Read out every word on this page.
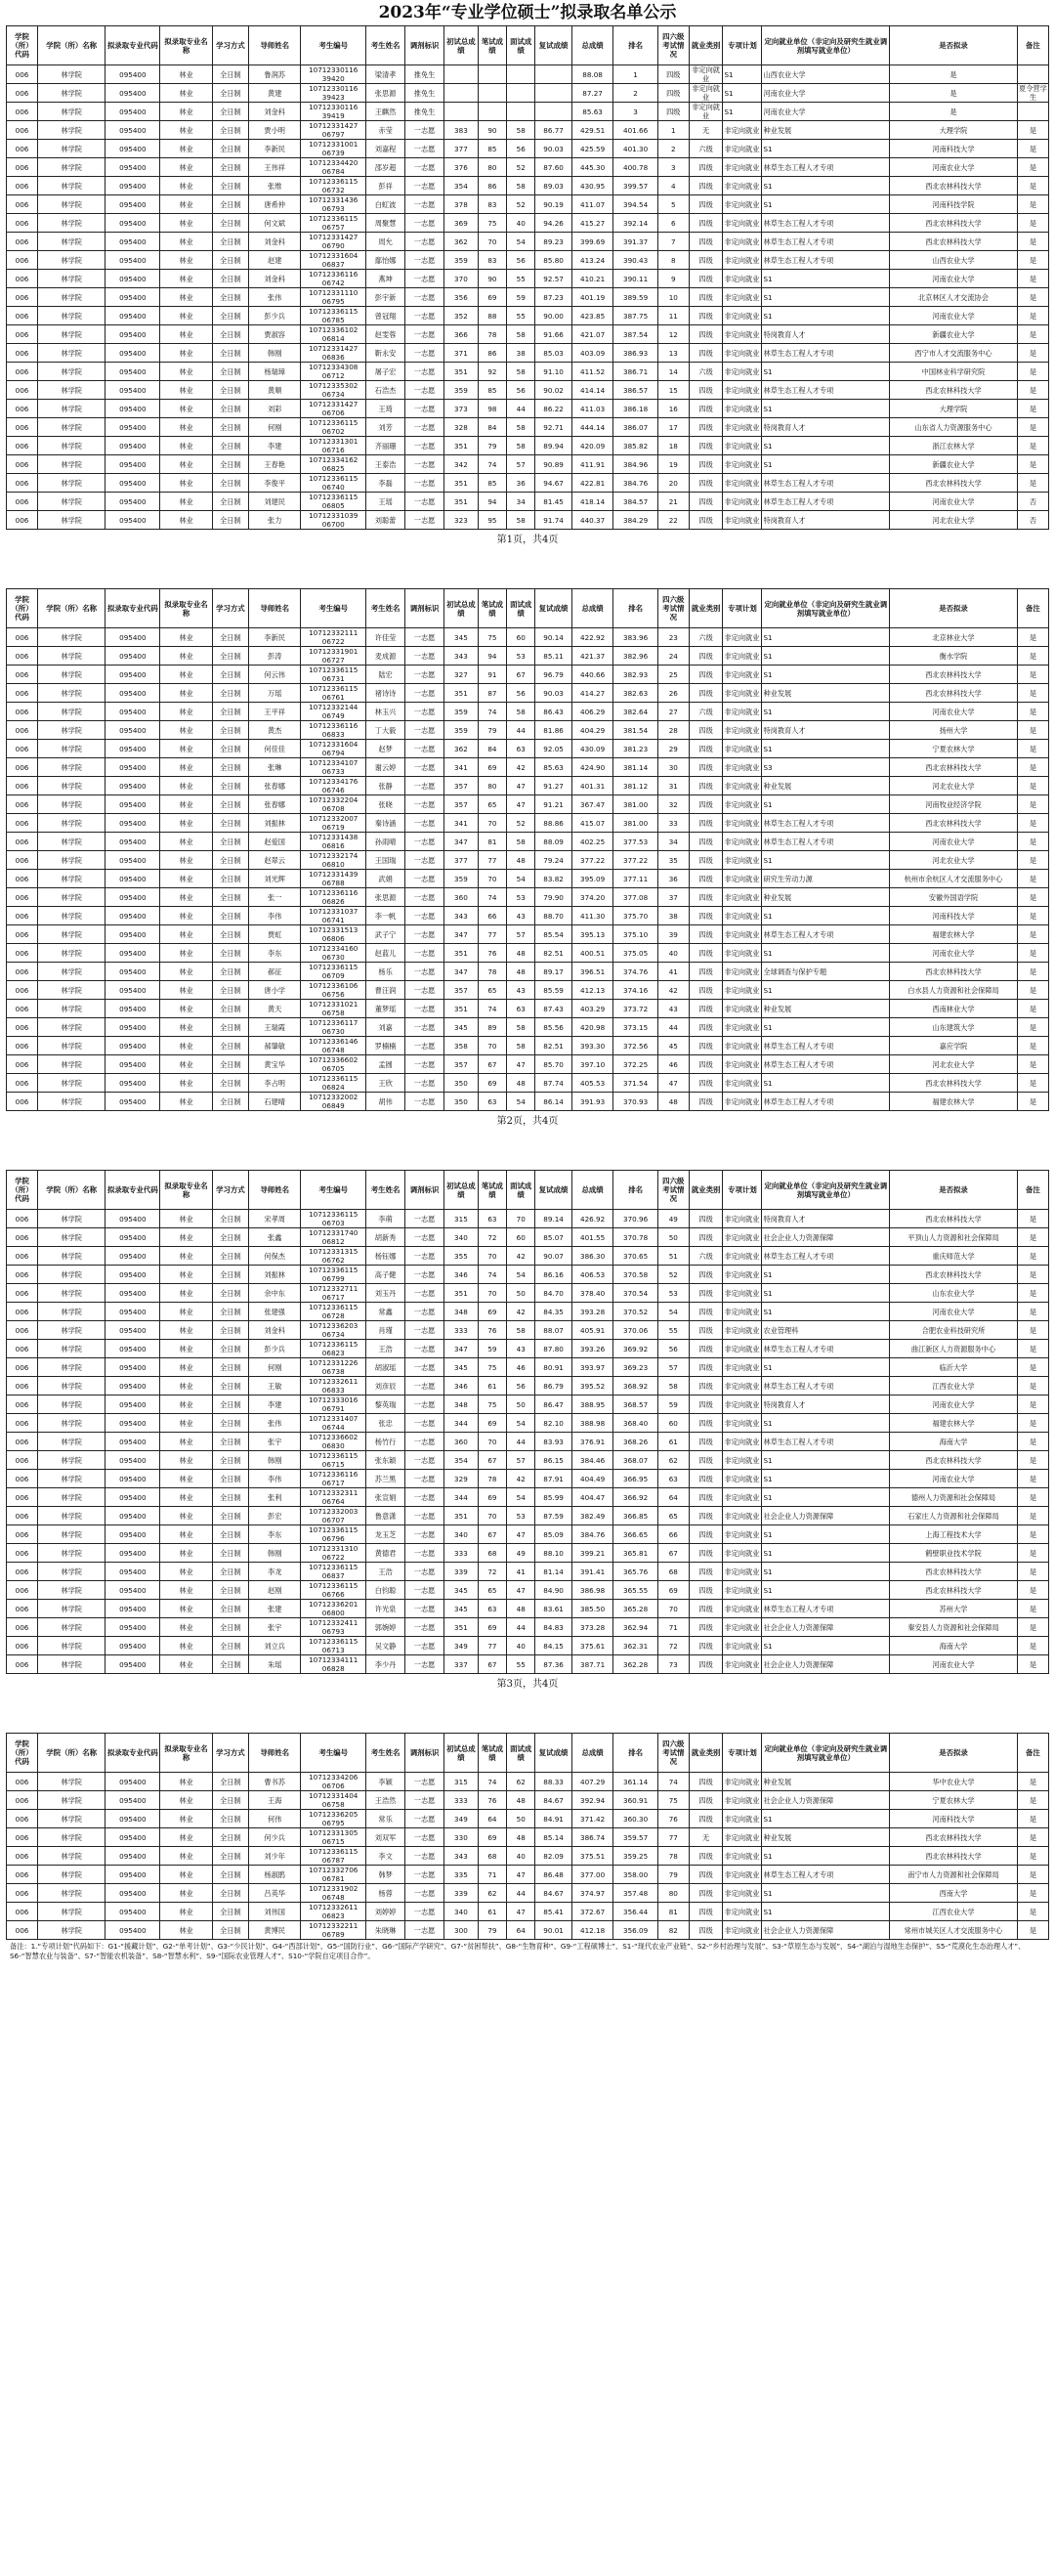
2023年“专业学位硕士”拟录取名单公示
学院（所）代码	学院（所）名称	拟录取专业代码	拟录取专业名称	学习方式	导师姓名	考生编号	考生姓名	调剂标识	初试总成绩	笔试成绩	面试成绩	复试成绩	总成绩	排名	四六级考试情况	就业类别	专项计划	定向就业单位（非定向及研究生就业调剂填写就业单位）	是否拟录	备注
006	林学院	095400	林业	全日制	鲁润苏	10712330116 39420	梁清孝	推免生					88.08	1	四级	非定向就业	S1	山西农业大学	是	
006	林学院	095400	林业	全日制	黄建	10712330116 39423	张思源	推免生					87.27	2	四级	非定向就业	S1	河南农业大学	是	夏令营学生
006	林学院	095400	林业	全日制	刘金科	10712330116 39419	王麒然	推免生					85.63	3	四级	非定向就业	S1	河南农业大学	是	
006	林学院	095400	林业	全日制	贾小明	10712331427 06797	赤莹	一志愿	383	90	58	86.77	429.51	401.66	1	无	非定向就业	种业发展	大理学院	是
006	林学院	095400	林业	全日制	李新民	10712331001 06739	刘嘉程	一志愿	377	85	56	90.03	425.59	401.30	2	六级	非定向就业	S1	河南科技大学	是
006	林学院	095400	林业	全日制	王伟祥	10712334420 06784	邵岁超	一志愿	376	80	52	87.60	445.30	400.78	3	四级	非定向就业	林草生态工程人才专项	河南农业大学	是
006	林学院	095400	林业	全日制	张维	10712336115 06732	彭祥	一志愿	354	86	58	89.03	430.95	399.57	4	四级	非定向就业	S1	西北农林科技大学	是
006	林学院	095400	林业	全日制	唐希仲	10712331436 06793	白虹波	一志愿	378	83	52	90.19	411.07	394.54	5	四级	非定向就业	S1	河南科技学院	是
006	林学院	095400	林业	全日制	何文斌	10712336115 06757	周聚慧	一志愿	369	75	40	94.26	415.27	392.14	6	四级	非定向就业	林草生态工程人才专项	西北农林科技大学	是
006	林学院	095400	林业	全日制	刘金科	10712331427 06790	周允	一志愿	362	70	54	89.23	399.69	391.37	7	四级	非定向就业	林草生态工程人才专项	西北农林科技大学	是
006	林学院	095400	林业	全日制	赵建	10712331604 06837	鄢怡娜	一志愿	359	83	56	85.80	413.24	390.43	8	四级	非定向就业	林草生态工程人才专项	山西农业大学	是
006	林学院	095400	林业	全日制	刘金科	10712336116 06742	燕坤	一志愿	370	90	55	92.57	410.21	390.11	9	四级	非定向就业	S1	河南农业大学	是
006	林学院	095400	林业	全日制	张伟	10712331110 06795	彭宇新	一志愿	356	69	59	87.23	401.19	389.59	10	四级	非定向就业	S1	北京林区人才交流协会	是
006	林学院	095400	林业	全日制	彭少兵	10712336115 06785	曾冠翔	一志愿	352	88	55	90.00	423.85	387.75	11	四级	非定向就业	S1	河南农业大学	是
006	林学院	095400	林业	全日制	贾淑容	10712336102 06814	赵雯蓉	一志愿	366	78	58	91.66	421.07	387.54	12	四级	非定向就业	特岗教育人才	新疆农业大学	是
006	林学院	095400	林业	全日制	韩刚	10712331427 06836	靳永安	一志愿	371	86	38	85.03	403.09	386.93	13	四级	非定向就业	林草生态工程人才专项	西宁市人才交流服务中心	是
006	林学院	095400	林业	全日制	杨瑞璋	10712334308 06712	屠子宏	一志愿	351	92	58	91.10	411.52	386.71	14	六级	非定向就业	S1	中国林业科学研究院	是
006	林学院	095400	林业	全日制	黄顺	10712335302 06734	石浩杰	一志愿	359	85	56	90.02	414.14	386.57	15	四级	非定向就业	林草生态工程人才专项	西北农林科技大学	是
006	林学院	095400	林业	全日制	刘彩	10712331427 06706	王琦	一志愿	373	98	44	86.22	411.03	386.18	16	四级	非定向就业	S1	大理学院	是
006	林学院	095400	林业	全日制	何刚	10712336115 06702	刘芳	一志愿	328	84	58	92.71	444.14	386.07	17	四级	非定向就业	特岗教育人才	山东省人力资源服务中心	是
006	林学院	095400	林业	全日制	李建	10712331301 06716	齐丽珊	一志愿	351	79	58	89.94	420.09	385.82	18	四级	非定向就业	S1	浙江农林大学	是
006	林学院	095400	林业	全日制	王春艳	10712334162 06825	王泰浩	一志愿	342	74	57	90.89	411.91	384.96	19	四级	非定向就业	S1	新疆农业大学	是
006	林学院	095400	林业	全日制	李俊平	10712336115 06740	李磊	一志愿	351	85	36	94.67	422.81	384.76	20	四级	非定向就业	林草生态工程人才专项	西北农林科技大学	是
006	林学院	095400	林业	全日制	刘建民	10712336115 06805	王瑶	一志愿	351	94	34	81.45	418.14	384.57	21	四级	非定向就业	林草生态工程人才专项	河南农业大学	否
006	林学院	095400	林业	全日制	张力	10712331039 06700	刘聪蕾	一志愿	323	95	58	91.74	440.37	384.29	22	四级	非定向就业	特岗教育人才	河北农业大学	否
第1页，共4页
学院（所）代码	学院（所）名称	拟录取专业代码	拟录取专业名称	学习方式	导师姓名	考生编号	考生姓名	调剂标识	初试总成绩	笔试成绩	面试成绩	复试成绩	总成绩	排名	四六级考试情况	就业类别	专项计划	定向就业单位（非定向及研究生就业调剂填写就业单位）	是否拟录	备注
006	林学院	095400	林业	全日制	李新民	10712332111 06722	许佳莹	一志愿	345	75	60	90.14	422.92	383.96	23	六级	非定向就业	S1	北京林业大学	是
006	林学院	095400	林业	全日制	彭涛	10712331901 06727	麦成源	一志愿	343	94	53	85.11	421.37	382.96	24	四级	非定向就业	S1	衡水学院	是
006	林学院	095400	林业	全日制	何云伟	10712336115 06731	陆宏	一志愿	327	91	67	96.79	440.66	382.93	25	四级	非定向就业	S1	西北农林科技大学	是
006	林学院	095400	林业	全日制	万瑶	10712336115 06761	褚诗诗	一志愿	351	87	56	90.03	414.27	382.63	26	四级	非定向就业	种业发展	西北农林科技大学	是
006	林学院	095400	林业	全日制	王平祥	10712332144 06749	林玉兴	一志愿	359	74	58	86.43	406.29	382.64	27	六级	非定向就业	S1	河南农业大学	是
006	林学院	095400	林业	全日制	黄杰	10712336116 06833	丁大毅	一志愿	359	79	44	81.86	404.29	381.54	28	四级	非定向就业	特岗教育人才	扬州大学	是
006	林学院	095400	林业	全日制	何佳佳	10712331604 06794	赵梦	一志愿	362	84	63	92.05	430.09	381.23	29	四级	非定向就业	S1	宁夏农林大学	是
006	林学院	095400	林业	全日制	张琳	10712334107 06733	谢云婷	一志愿	341	69	42	85.63	424.90	381.14	30	四级	非定向就业	S3	西北农林科技大学	是
006	林学院	095400	林业	全日制	张春娜	10712334176 06746	张静	一志愿	357	80	47	91.27	401.31	381.12	31	四级	非定向就业	种业发展	河北农业大学	是
006	林学院	095400	林业	全日制	张春娜	10712332204 06708	张晓	一志愿	357	65	47	91.21	367.47	381.00	32	四级	非定向就业	S1	河南牧业经济学院	是
006	林学院	095400	林业	全日制	刘振林	10712332007 06719	秦诗涵	一志愿	341	70	52	88.86	415.07	381.00	33	四级	非定向就业	林草生态工程人才专项	西北农林科技大学	是
006	林学院	095400	林业	全日制	赵爱国	10712331438 06816	孙雨晴	一志愿	347	81	58	88.09	402.25	377.53	34	四级	非定向就业	林草生态工程人才专项	河南农业大学	是
006	林学院	095400	林业	全日制	赵翠云	10712332174 06810	王国瑞	一志愿	377	77	48	79.24	377.22	377.22	35	四级	非定向就业	S1	河北农业大学	是
006	林学院	095400	林业	全日制	刘光辉	10712331439 06788	武娟	一志愿	359	70	54	83.82	395.09	377.11	36	四级	非定向就业	研究生劳动力源	杭州市余杭区人才交流服务中心	是
006	林学院	095400	林业	全日制	张一	10712336116 06826	张思源	一志愿	360	74	53	79.90	374.20	377.08	37	四级	非定向就业	种业发展	安徽外国语学院	是
006	林学院	095400	林业	全日制	李伟	10712331037 06741	李一帆	一志愿	343	66	43	88.70	411.30	375.70	38	四级	非定向就业	S1	河南科技大学	是
006	林学院	095400	林业	全日制	贾虹	10712331513 06806	武子宁	一志愿	347	77	57	85.54	395.13	375.10	39	四级	非定向就业	林草生态工程人才专项	福建农林大学	是
006	林学院	095400	林业	全日制	李东	10712334160 06730	赵蓝儿	一志愿	351	76	48	82.51	400.51	375.05	40	四级	非定向就业	S1	河南农业大学	是
006	林学院	095400	林业	全日制	郝征	10712336115 06709	杨乐	一志愿	347	78	48	89.17	396.51	374.76	41	四级	非定向就业	全球调查与保护专题	西北农林科技大学	是
006	林学院	095400	林业	全日制	唐小学	10712336106 06756	曹汪润	一志愿	357	65	43	85.59	412.13	374.16	42	四级	非定向就业	S1	白水县人力资源和社会保障局	是
006	林学院	095400	林业	全日制	黄天	10712331021 06758	董梦瑶	一志愿	351	74	63	87.43	403.29	373.72	43	四级	非定向就业	种业发展	西南林业大学	是
006	林学院	095400	林业	全日制	王瑞霞	10712336117 06730	刘嘉	一志愿	345	89	58	85.56	420.98	373.15	44	四级	非定向就业	S1	山东建筑大学	是
006	林学院	095400	林业	全日制	郝肇敏	10712336146 06748	罗楠楠	一志愿	358	70	58	82.51	393.30	372.56	45	四级	非定向就业	林草生态工程人才专项	嘉应学院	是
006	林学院	095400	林业	全日制	黄宝华	10712336602 06705	孟圆	一志愿	357	67	47	85.70	397.10	372.25	46	四级	非定向就业	林草生态工程人才专项	河北农业大学	是
006	林学院	095400	林业	全日制	李占明	10712336115 06824	王欣	一志愿	350	69	48	87.74	405.53	371.54	47	四级	非定向就业	S1	西北农林科技大学	是
006	林学院	095400	林业	全日制	石建晴	10712332002 06849	胡伟	一志愿	350	63	54	86.14	391.93	370.93	48	四级	非定向就业	林草生态工程人才专项	福建农林大学	是
第2页，共4页
学院（所）代码	学院（所）名称	拟录取专业代码	拟录取专业名称	学习方式	导师姓名	考生编号	考生姓名	调剂标识	初试总成绩	笔试成绩	面试成绩	复试成绩	总成绩	排名	四六级考试情况	就业类别	专项计划	定向就业单位（非定向及研究生就业调剂填写就业单位）	是否拟录	备注
006	林学院	095400	林业	全日制	宋孝周	10712336115 06703	李萌	一志愿	315	63	70	89.14	426.92	370.96	49	四级	非定向就业	特岗教育人才	西北农林科技大学	是
006	林学院	095400	林业	全日制	张鑫	10712331740 06812	胡新秀	一志愿	340	72	60	85.07	401.55	370.78	50	四级	非定向就业	社会企业人力资源保障	平顶山人力资源和社会保障局	是
006	林学院	095400	林业	全日制	何保杰	10712331315 06762	杨钰娜	一志愿	355	70	42	90.07	386.30	370.65	51	六级	非定向就业	林草生态工程人才专项	重庆师范大学	是
006	林学院	095400	林业	全日制	刘振林	10712336115 06799	高子健	一志愿	346	74	54	86.16	406.53	370.58	52	四级	非定向就业	S1	西北农林科技大学	是
006	林学院	095400	林业	全日制	余中东	10712332711 06717	刘玉丹	一志愿	351	70	50	84.70	378.40	370.54	53	四级	非定向就业	S1	山东农业大学	是
006	林学院	095400	林业	全日制	张建强	10712336115 06728	常鑫	一志愿	348	69	42	84.35	393.28	370.52	54	四级	非定向就业	S1	河南农业大学	是
006	林学院	095400	林业	全日制	刘金科	10712336203 06734	肖瑾	一志愿	333	76	58	88.07	405.91	370.06	55	四级	非定向就业	农业管理科	合肥农业科技研究所	是
006	林学院	095400	林业	全日制	彭少兵	10712336115 06823	王浩	一志愿	347	59	43	87.80	393.26	369.92	56	四级	非定向就业	林草生态工程人才专项	曲江新区人力资源服务中心	是
006	林学院	095400	林业	全日制	何刚	10712331226 06738	胡淑瑶	一志愿	345	75	46	80.91	393.97	369.23	57	四级	非定向就业	S1	临沂大学	是
006	林学院	095400	林业	全日制	王敏	10712332611 06833	刘彦辰	一志愿	346	61	56	86.79	395.52	368.92	58	四级	非定向就业	林草生态工程人才专项	江西农业大学	是
006	林学院	095400	林业	全日制	李建	10712333016 06791	黎英瑞	一志愿	348	75	50	86.47	388.95	368.57	59	四级	非定向就业	特岗教育人才	河南农业大学	是
006	林学院	095400	林业	全日制	张伟	10712331407 06744	张忠	一志愿	344	69	54	82.10	388.98	368.40	60	四级	非定向就业	S1	福建农林大学	是
006	林学院	095400	林业	全日制	张宇	10712336602 06830	杨竹行	一志愿	360	70	44	83.93	376.91	368.26	61	四级	非定向就业	林草生态工程人才专项	海南大学	是
006	林学院	095400	林业	全日制	韩刚	10712336115 06715	张东颖	一志愿	354	67	57	86.15	384.46	368.07	62	四级	非定向就业	S1	西北农林科技大学	是
006	林学院	095400	林业	全日制	李伟	10712336116 06717	苏兰黑	一志愿	329	78	42	87.91	404.49	366.95	63	四级	非定向就业	S1	河南农业大学	是
006	林学院	095400	林业	全日制	张利	10712332311 06764	张宣娟	一志愿	344	69	54	85.99	404.47	366.92	64	四级	非定向就业	S1	德州人力资源和社会保障局	是
006	林学院	095400	林业	全日制	彭宏	10712332003 06707	鲁意潇	一志愿	351	70	53	87.59	382.49	366.85	65	四级	非定向就业	社会企业人力资源保障	石家庄人力资源和社会保障局	是
006	林学院	095400	林业	全日制	李东	10712336115 06796	龙玉芝	一志愿	340	67	47	85.09	384.76	366.65	66	四级	非定向就业	S1	上海工程技术大学	是
006	林学院	095400	林业	全日制	韩刚	10712331310 06722	黄德君	一志愿	333	68	49	88.10	399.21	365.81	67	四级	非定向就业	S1	鹤壁职业技术学院	是
006	林学院	095400	林业	全日制	李龙	10712336115 06837	王浩	一志愿	339	72	41	81.14	391.41	365.76	68	四级	非定向就业	S1	西北农林科技大学	是
006	林学院	095400	林业	全日制	赵刚	10712336115 06766	白钧聪	一志愿	345	65	47	84.90	386.98	365.55	69	四级	非定向就业	S1	西北农林科技大学	是
006	林学院	095400	林业	全日制	张建	10712336201 06800	许光泉	一志愿	345	63	48	83.61	385.50	365.28	70	四级	非定向就业	林草生态工程人才专项	苏州大学	是
006	林学院	095400	林业	全日制	张宇	10712332411 06793	郭婉婷	一志愿	351	69	44	84.83	373.28	362.94	71	四级	非定向就业	社会企业人力资源保障	秦安县人力资源和社会保障局	是
006	林学院	095400	林业	全日制	刘立兵	10712336115 06713	吴文静	一志愿	349	77	40	84.15	375.61	362.31	72	四级	非定向就业	S1	海南大学	是
006	林学院	095400	林业	全日制	朱瑶	10712334111 06828	李少丹	一志愿	337	67	55	87.36	387.71	362.28	73	四级	非定向就业	社会企业人力资源保障	河南农业大学	是
第3页，共4页
学院（所）代码	学院（所）名称	拟录取专业代码	拟录取专业名称	学习方式	导师姓名	考生编号	考生姓名	调剂标识	初试总成绩	笔试成绩	面试成绩	复试成绩	总成绩	排名	四六级考试情况	就业类别	专项计划	定向就业单位（非定向及研究生就业调剂填写就业单位）	是否拟录	备注
006	林学院	095400	林业	全日制	曹书苏	10712334206 06706	李颖	一志愿	315	74	62	88.33	407.29	361.14	74	四级	非定向就业	种业发展	华中农业大学	是
006	林学院	095400	林业	全日制	王海	10712331404 06758	王浩然	一志愿	333	76	48	84.67	392.94	360.91	75	四级	非定向就业	社会企业人力资源保障	宁夏农林大学	是
006	林学院	095400	林业	全日制	何伟	10712336205 06795	常乐	一志愿	349	64	50	84.91	371.42	360.30	76	四级	非定向就业	S1	河南科技大学	是
006	林学院	095400	林业	全日制	何少兵	10712331305 06715	刘双军	一志愿	330	69	48	85.14	386.74	359.57	77	无	非定向就业	种业发展	西北农林科技大学	是
006	林学院	095400	林业	全日制	刘少年	10712336115 06787	李文	一志愿	343	68	40	82.09	375.51	359.25	78	四级	非定向就业	S1	西北农林科技大学	是
006	林学院	095400	林业	全日制	杨淑鹃	10712332706 06781	韩梦	一志愿	335	71	47	86.48	377.00	358.00	79	四级	非定向就业	林草生态工程人才专项	南宁市人力资源和社会保障局	是
006	林学院	095400	林业	全日制	吕英华	10712331902 06748	杨蓉	一志愿	339	62	44	84.67	374.97	357.48	80	四级	非定向就业	S1	西南大学	是
006	林学院	095400	林业	全日制	刘伟国	10712332611 06823	刘婷婷	一志愿	340	61	47	85.41	372.67	356.44	81	四级	非定向就业	S1	江西农业大学	是
006	林学院	095400	林业	全日制	黄博民	10712332211 06789	朱晓琳	一志愿	300	79	64	90.01	412.18	356.09	82	四级	非定向就业	社会企业人力资源保障	常州市城关区人才交流服务中心	是
备注：1.“专项计划”代码如下：G1-“援藏计划”、G2-“单考计划”、G3-“少民计划”、G4-“西部计划”、G5-“国防行业”、G6-“国际产学研究”、G7-“贫困帮扶”、G8-“生物育种”、G9-“工程硕博士”、S1-“现代农业产业链”、S2-“乡村治理与发展”、S3-“草原生态与发展”、S4-“湖泊与湿地生态保护”、S5-“荒漠化生态治理人才”、S6-“智慧农业与装备”、S7-“智能农机装备”、S8-“智慧水利”、S9-“国际农业管理人才”、S10-“学院自定项目合作”。
